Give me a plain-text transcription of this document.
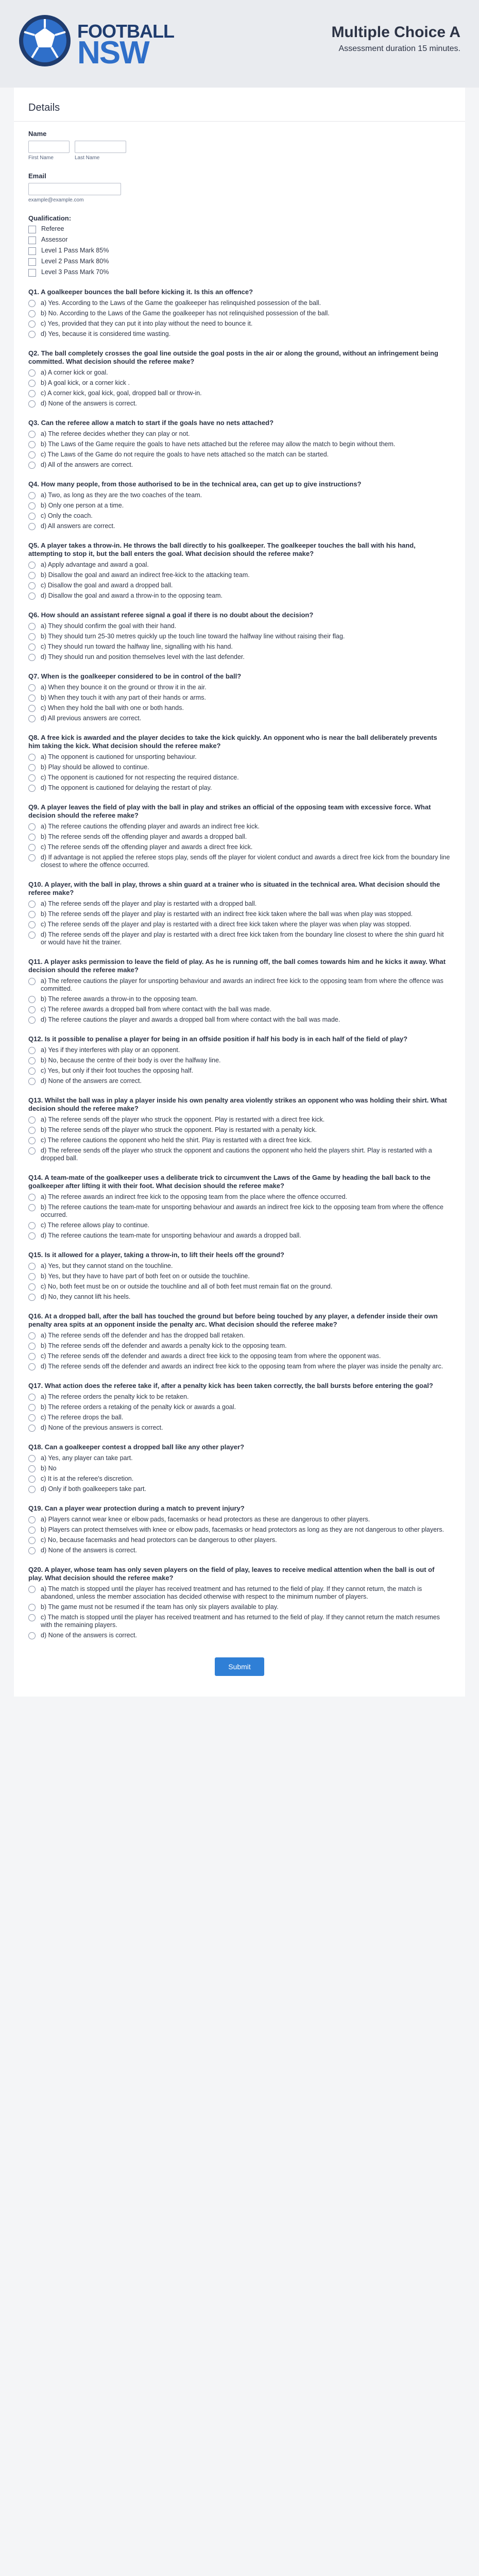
FOOTBALL
NSW
Multiple Choice A

Assessment duration 15 minutes.

Details
Name
First Name	Last Name
Email
example@example.com
Qualification:
Referee
Assessor
Level 1 Pass Mark 85%
Level 2 Pass Mark 80%
Level 3 Pass Mark 70%
Q1. A goalkeeper bounces the ball before kicking it. Is this an offence?
a) Yes. According to the Laws of the Game the goalkeeper has relinquished possession of the ball.
b) No. According to the Laws of the Game the goalkeeper has not relinquished possession of the ball.
c) Yes, provided that they can put it into play without the need to bounce it.
d) Yes, because it is considered time wasting.
Q2. The ball completely crosses the goal line outside the goal posts in the air or along the ground, without an infringement being committed. What decision should the referee make?
a) A corner kick or goal.
b) A goal kick, or a corner kick .
c) A corner kick, goal kick, goal, dropped ball or throw-in.
d) None of the answers is correct.
Q3. Can the referee allow a match to start if the goals have no nets attached?
a) The referee decides whether they can play or not.
b) The Laws of the Game require the goals to have nets attached but the referee may allow the match to begin without them.
c) The Laws of the Game do not require the goals to have nets attached so the match can be started.
d) All of the answers are correct.
Q4. How many people, from those authorised to be in the technical area, can get up to give instructions?
a) Two, as long as they are the two coaches of the team.
b) Only one person at a time.
c) Only the coach.
d) All answers are correct.
Q5. A player takes a throw-in. He throws the ball directly to his goalkeeper. The goalkeeper touches the ball with his hand, attempting to stop it, but the ball enters the goal. What decision should the referee make?
a) Apply advantage and award a goal.
b) Disallow the goal and award an indirect free-kick to the attacking team.
c) Disallow the goal and award a dropped ball.
d) Disallow the goal and award a throw-in to the opposing team.
Q6. How should an assistant referee signal a goal if there is no doubt about the decision?
a) They should confirm the goal with their hand.
b) They should turn 25-30 metres quickly up the touch line toward the halfway line without raising their flag.
c) They should run toward the halfway line, signalling with his hand.
d) They should run and position themselves level with the last defender.
Q7. When is the goalkeeper considered to be in control of the ball?
a) When they bounce it on the ground or throw it in the air.
b) When they touch it with any part of their hands or arms.
c) When they hold the ball with one or both hands.
d) All previous answers are correct.
Q8. A free kick is awarded and the player decides to take the kick quickly. An opponent who is near the ball deliberately prevents him taking the kick. What decision should the referee make?
a) The opponent is cautioned for unsporting behaviour.
b) Play should be allowed to continue.
c) The opponent is cautioned for not respecting the required distance.
d) The opponent is cautioned for delaying the restart of play.
Q9. A player leaves the field of play with the ball in play and strikes an official of the opposing team with excessive force. What decision should the referee make?
a) The referee cautions the offending player and awards an indirect free kick.
b) The referee sends off the offending player and awards a dropped ball.
c) The referee sends off the offending player and awards a direct free kick.
d) If advantage is not applied the referee stops play, sends off the player for violent conduct and awards a direct free kick from the boundary line closest to where the offence occurred.
Q10. A player, with the ball in play, throws a shin guard at a trainer who is situated in the technical area. What decision should the referee make?
a) The referee sends off the player and play is restarted with a dropped ball.
b) The referee sends off the player and play is restarted with an indirect free kick taken where the ball was when play was stopped.
c) The referee sends off the player and play is restarted with a direct free kick taken where the player was when play was stopped.
d) The referee sends off the player and play is restarted with a direct free kick taken from the boundary line closest to where the shin guard hit or would have hit the trainer.
Q11. A player asks permission to leave the field of play. As he is running off, the ball comes towards him and he kicks it away. What decision should the referee make?
a) The referee cautions the player for unsporting behaviour and awards an indirect free kick to the opposing team from where the offence was committed.
b) The referee awards a throw-in to the opposing team.
c) The referee awards a dropped ball from where contact with the ball was made.
d) The referee cautions the player and awards a dropped ball from where contact with the ball was made.
Q12. Is it possible to penalise a player for being in an offside position if half his body is in each half of the field of play?
a) Yes if they interferes with play or an opponent.
b) No, because the centre of their body is over the halfway line.
c) Yes, but only if their foot touches the opposing half.
d) None of the answers are correct.
Q13. Whilst the ball was in play a player inside his own penalty area violently strikes an opponent who was holding their shirt. What decision should the referee make?
a) The referee sends off the player who struck the opponent. Play is restarted with a direct free kick.
b) The referee sends off the player who struck the opponent. Play is restarted with a penalty kick.
c) The referee cautions the opponent who held the shirt. Play is restarted with a direct free kick.
d) The referee sends off the player who struck the opponent and cautions the opponent who held the players shirt. Play is restarted with a dropped ball.
Q14. A team-mate of the goalkeeper uses a deliberate trick to circumvent the Laws of the Game by heading the ball back to the goalkeeper after lifting it with their foot. What decision should the referee make?
a) The referee awards an indirect free kick to the opposing team from the place where the offence occurred.
b) The referee cautions the team-mate for unsporting behaviour and awards an indirect free kick to the opposing team from where the offence occurred.
c) The referee allows play to continue.
d) The referee cautions the team-mate for unsporting behaviour and awards a dropped ball.
Q15. Is it allowed for a player, taking a throw-in, to lift their heels off the ground?
a) Yes, but they cannot stand on the touchline.
b) Yes, but they have to have part of both feet on or outside the touchline.
c) No, both feet must be on or outside the touchline and all of both feet must remain flat on the ground.
d) No, they cannot lift his heels.
Q16. At a dropped ball, after the ball has touched the ground but before being touched by any player, a defender inside their own penalty area spits at an opponent inside the penalty arc. What decision should the referee make?
a) The referee sends off the defender and has the dropped ball retaken.
b) The referee sends off the defender and awards a penalty kick to the opposing team.
c) The referee sends off the defender and awards a direct free kick to the opposing team from where the opponent was.
d) The referee sends off the defender and awards an indirect free kick to the opposing team from where the player was inside the penalty arc.
Q17. What action does the referee take if, after a penalty kick has been taken correctly, the ball bursts before entering the goal?
a) The referee orders the penalty kick to be retaken.
b) The referee orders a retaking of the penalty kick or awards a goal.
c) The referee drops the ball.
d) None of the previous answers is correct.
Q18. Can a goalkeeper contest a dropped ball like any other player?
a) Yes, any player can take part.
b) No
c) It is at the referee's discretion.
d) Only if both goalkeepers take part.
Q19. Can a player wear protection during a match to prevent injury?
a) Players cannot wear knee or elbow pads, facemasks or head protectors as these are dangerous to other players.
b) Players can protect themselves with knee or elbow pads, facemasks or head protectors as long as they are not dangerous to other players.
c) No, because facemasks and head protectors can be dangerous to other players.
d) None of the answers is correct.
Q20. A player, whose team has only seven players on the field of play, leaves to receive medical attention when the ball is out of play. What decision should the referee make?
a) The match is stopped until the player has received treatment and has returned to the field of play. If they cannot return, the match is abandoned, unless the member association has decided otherwise with respect to the minimum number of players.
b) The game must not be resumed if the team has only six players available to play.
c) The match is stopped until the player has received treatment and has returned to the field of play. If they cannot return the match resumes with the remaining players.
d) None of the answers is correct.
Submit
